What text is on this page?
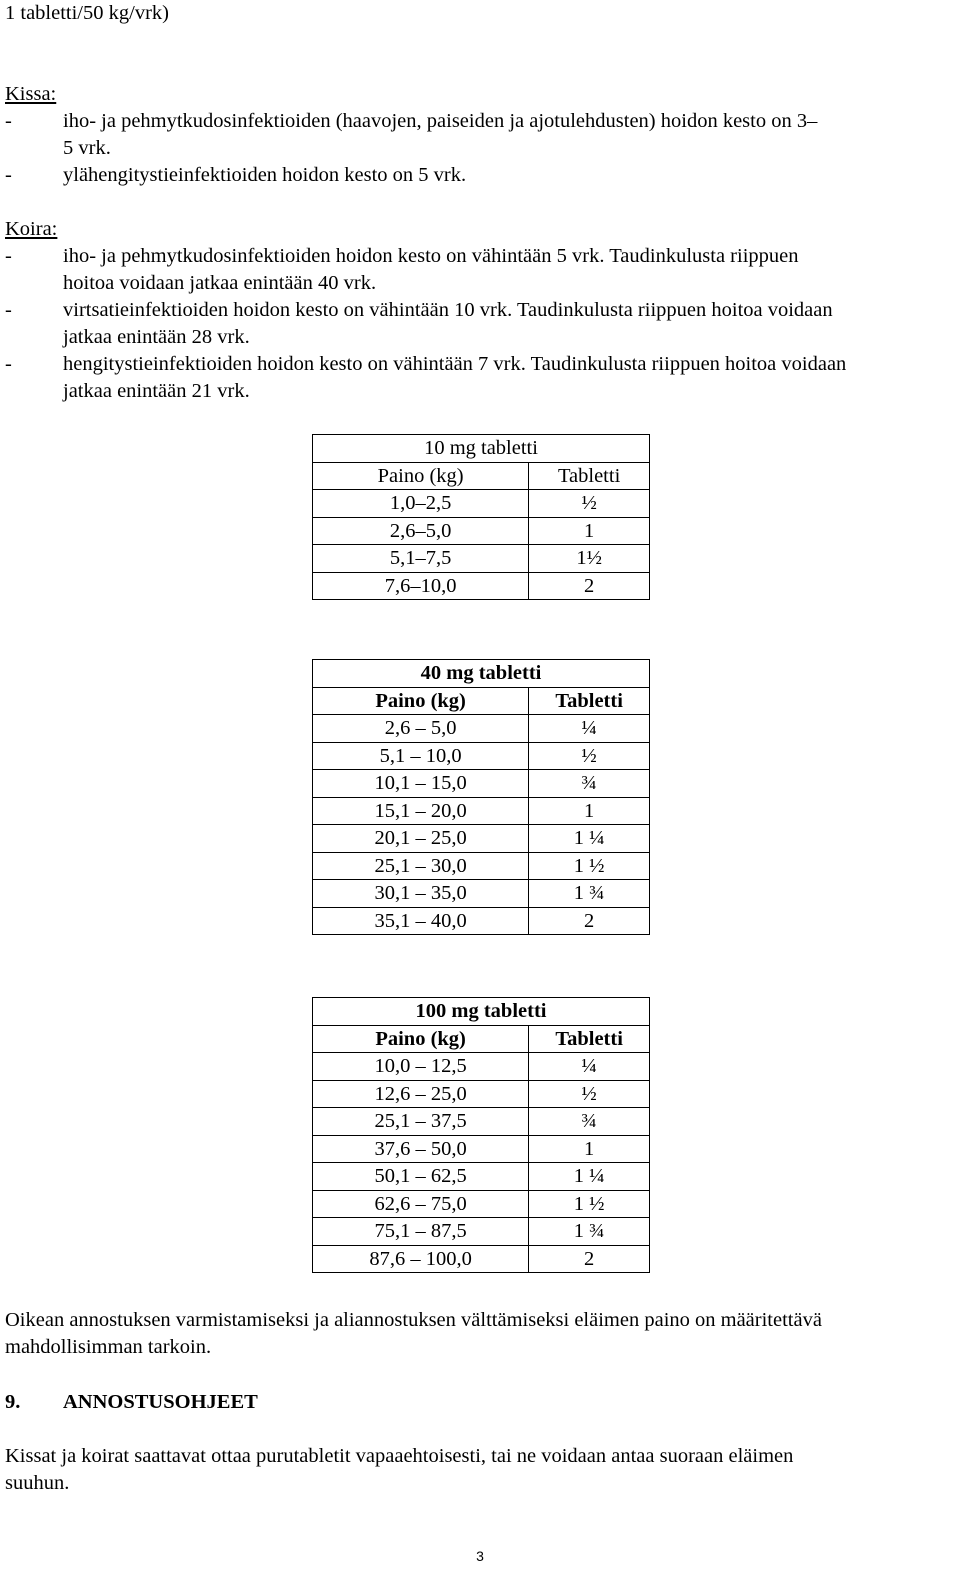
1 tabletti/50 kg/vrk)
Kissa:
- iho- ja pehmytkudosinfektioiden (haavojen, paiseiden ja ajotulehdusten) hoidon kesto on 3–
5 vrk.
- ylähengitystieinfektioiden hoidon kesto on 5 vrk.
Koira:
- iho- ja pehmytkudosinfektioiden hoidon kesto on vähintään 5 vrk. Taudinkulusta riippuen
hoitoa voidaan jatkaa enintään 40 vrk.
- virtsatieinfektioiden hoidon kesto on vähintään 10 vrk. Taudinkulusta riippuen hoitoa voidaan
jatkaa enintään 28 vrk.
- hengitystieinfektioiden hoidon kesto on vähintään 7 vrk. Taudinkulusta riippuen hoitoa voidaan
jatkaa enintään 21 vrk.
10 mg tabletti	
Paino (kg)	Tabletti
1,0–2,5	½
2,6–5,0	1
5,1–7,5	1½
7,6–10,0	2
40 mg tabletti	
Paino (kg)	Tabletti
2,6 – 5,0	¼
5,1 – 10,0	½
10,1 – 15,0	¾
15,1 – 20,0	1
20,1 – 25,0	1 ¼
25,1 – 30,0	1 ½
30,1 – 35,0	1 ¾
35,1 – 40,0	2
100 mg tabletti	
Paino (kg)	Tabletti
10,0 – 12,5	¼
12,6 – 25,0	½
25,1 – 37,5	¾
37,6 – 50,0	1
50,1 – 62,5	1 ¼
62,6 – 75,0	1 ½
75,1 – 87,5	1 ¾
87,6 – 100,0	2
Oikean annostuksen varmistamiseksi ja aliannostuksen välttämiseksi eläimen paino on määritettävä
mahdollisimman tarkoin.
9. ANNOSTUSOHJEET
Kissat ja koirat saattavat ottaa purutabletit vapaaehtoisesti, tai ne voidaan antaa suoraan eläimen
suuhun.
3
